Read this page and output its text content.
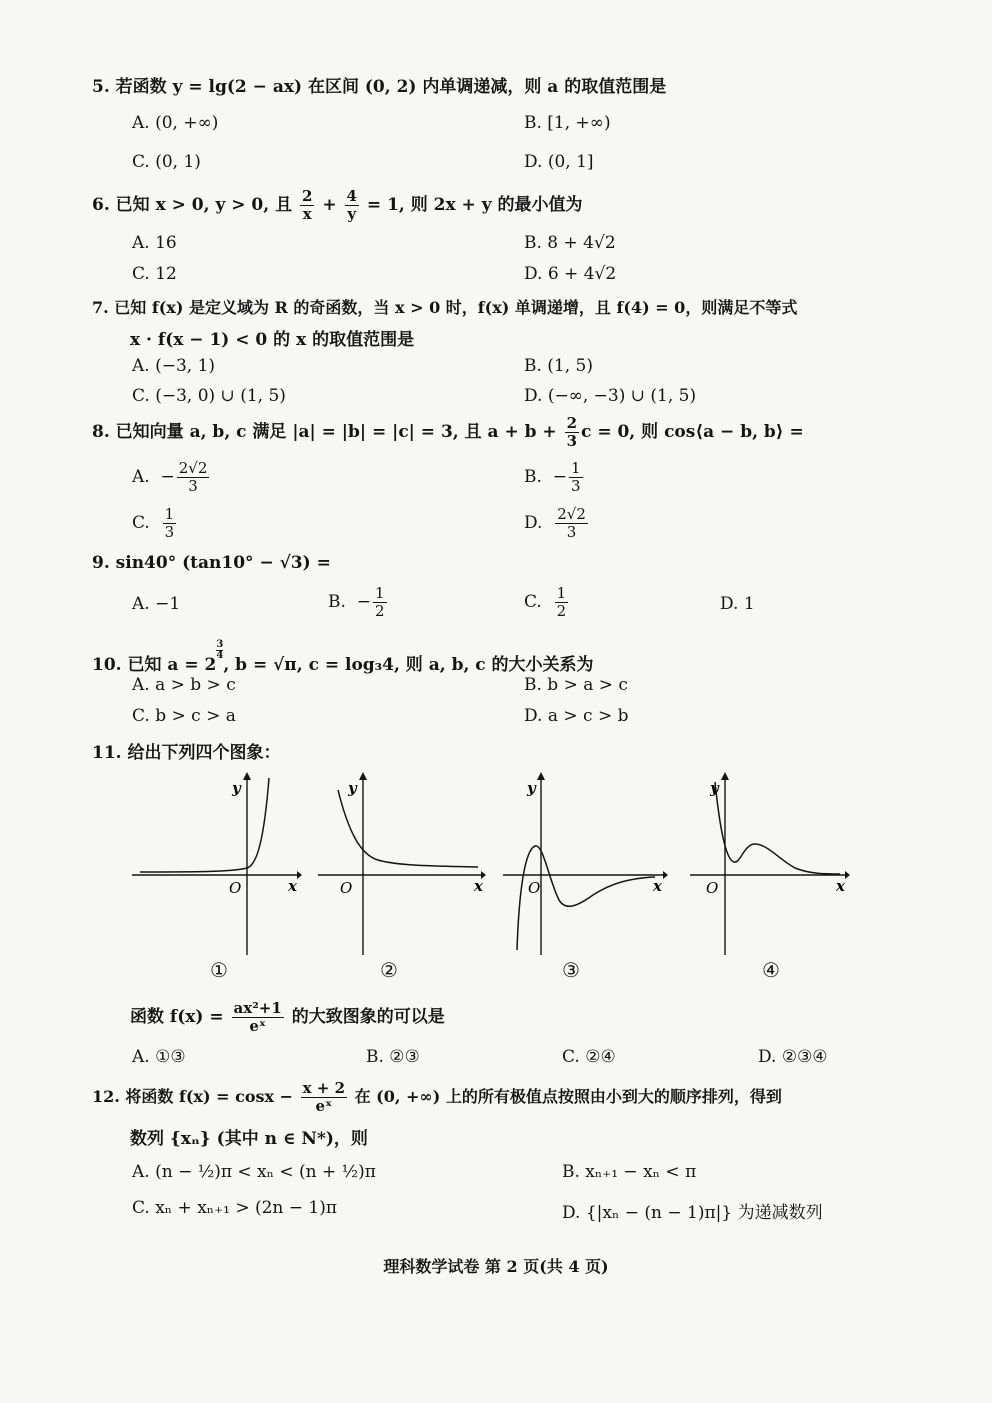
5. 若函数 y = lg(2 − ax) 在区间 (0, 2) 内单调递减，则 a 的取值范围是
A. (0, +∞)	B. [1, +∞)
C. (0, 1)	D. (0, 1]
6. 已知 x > 0, y > 0, 且 $\frac{2}{x} + \frac{4}{y} = 1$, 则 2x + y 的最小值为
A. 16	B. 8 + 4√2
C. 12	D. 6 + 4√2
7. 已知 f(x) 是定义域为 R 的奇函数，当 x > 0 时，f(x) 单调递增，且 f(4) = 0，则满足不等式
x · f(x − 1) < 0 的 x 的取值范围是
A. (−3, 1)	B. (1, 5)
C. (−3, 0) ∪ (1, 5)	D. (−∞, −3) ∪ (1, 5)
8. 已知向量 a, b, c 满足 |a| = |b| = |c| = 3, 且 $a + b + \frac{2}{3}$ c = 0, 则 cos⟨a − b, b⟩ =
A. − $\frac{2√2}{3}$	B. − $\frac{1}{3}$
C. $\frac{1}{3}$	D. $\frac{2√2}{3}$
9. sin40° (tan10° − √3) =
A. −1	B. − $\frac{1}{2}$	C. $\frac{1}{2}$	D. 1
10. 已知 a = 2
$^{\frac{3}{4}}$
, b = √π, c = log₃4, 则 a, b, c 的大小关系为
A. a > b > c	B. b > a > c
C. b > c > a	D. a > c > b
11. 给出下列四个图象：
y
x
O
y
x
O
y
x
O
y
x
O
①	②	③	④
函数 $f(x) = \frac{\text{ax²+1}}{\text{eˣ}}$ 的大致图象的可以是
A. ①③	B. ②③	C. ②④	D. ②③④
12. 将函数 $f(x) = \cos x - \frac{x + 2}{\text{eˣ}}$ 在 (0, +∞) 上的所有极值点按照由小到大的顺序排列，得到
数列 {xₙ} (其中 n ∈ N*)，则
A. (n − ½)π < xₙ < (n + ½)π	B. xₙ₊₁ − xₙ < π
C. xₙ + xₙ₊₁ > (2n − 1)π	D. {|xₙ − (n − 1)π|} 为递减数列
理科数学试卷 第 2 页(共 4 页)
